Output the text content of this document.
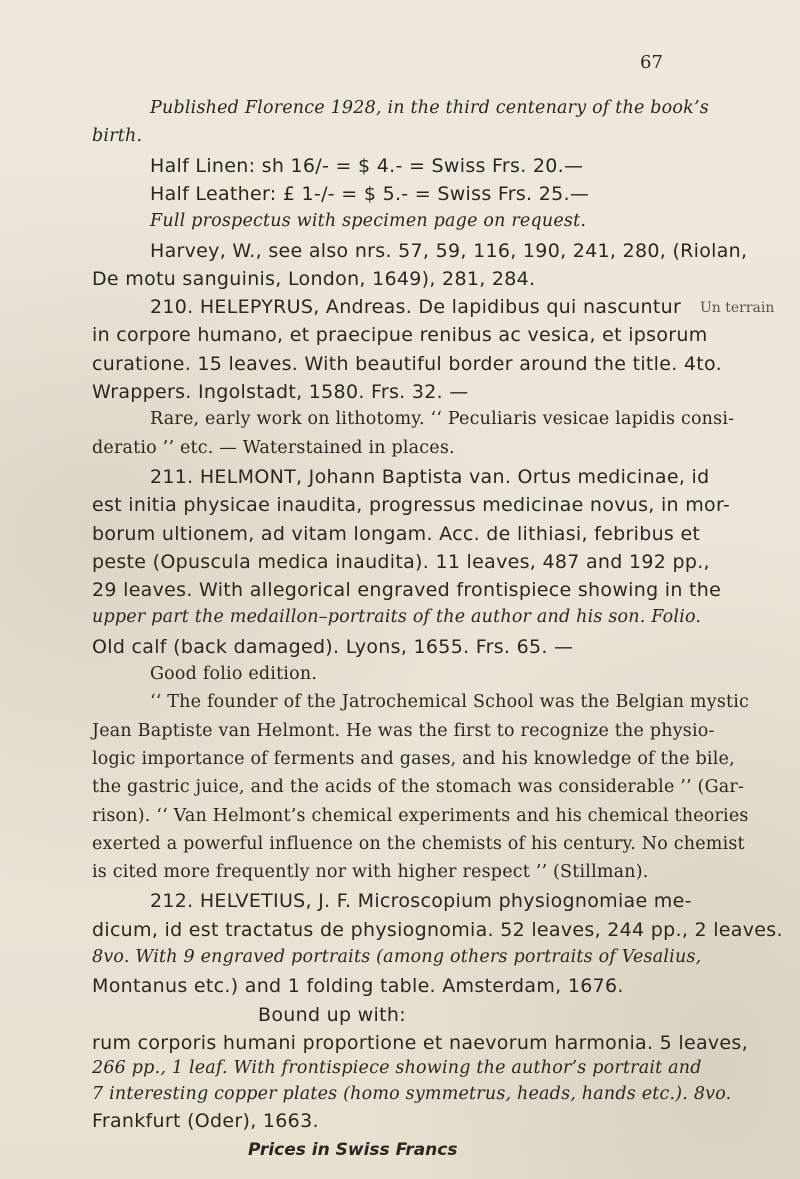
67
Un terrain
Published Florence 1928, in the third centenary of the book’s
birth.
Half Linen: sh 16/- = $ 4.- = Swiss Frs. 20.—
Half Leather: £ 1-/- = $ 5.- = Swiss Frs. 25.—
Full prospectus with specimen page on request.
Harvey, W., see also nrs. 57, 59, 116, 190, 241, 280, (Riolan,
De motu sanguinis, London, 1649), 281, 284.
210. HELEPYRUS, Andreas. De lapidibus qui nascuntur
in corpore humano, et praecipue renibus ac vesica, et ipsorum
curatione. 15 leaves. With beautiful border around the title. 4to.
Wrappers. Ingolstadt, 1580. Frs. 32. —
Rare, early work on lithotomy. ‘‘ Peculiaris vesicae lapidis consi-
deratio ’’ etc. — Waterstained in places.
211. HELMONT, Johann Baptista van. Ortus medicinae, id
est initia physicae inaudita, progressus medicinae novus, in mor-
borum ultionem, ad vitam longam. Acc. de lithiasi, febribus et
peste (Opuscula medica inaudita). 11 leaves, 487 and 192 pp.,
29 leaves. With allegorical engraved frontispiece showing in the
upper part the medaillon–portraits of the author and his son. Folio.
Old calf (back damaged). Lyons, 1655. Frs. 65. —
Good folio edition.
‘‘ The founder of the Jatrochemical School was the Belgian mystic
Jean Baptiste van Helmont. He was the first to recognize the physio-
logic importance of ferments and gases, and his knowledge of the bile,
the gastric juice, and the acids of the stomach was considerable ’’ (Gar-
rison). ‘‘ Van Helmont’s chemical experiments and his chemical theories
exerted a powerful influence on the chemists of his century. No chemist
is cited more frequently nor with higher respect ’’ (Stillman).
212. HELVETIUS, J. F. Microscopium physiognomiae me-
dicum, id est tractatus de physiognomia. 52 leaves, 244 pp., 2 leaves.
8vo. With 9 engraved portraits (among others portraits of Vesalius,
Montanus etc.) and 1 folding table. Amsterdam, 1676.
Bound up with:
rum corporis humani proportione et naevorum harmonia. 5 leaves,
266 pp., 1 leaf. With frontispiece showing the author’s portrait and
7 interesting copper plates (homo symmetrus, heads, hands etc.). 8vo.
Frankfurt (Oder), 1663.
Prices in Swiss Francs
